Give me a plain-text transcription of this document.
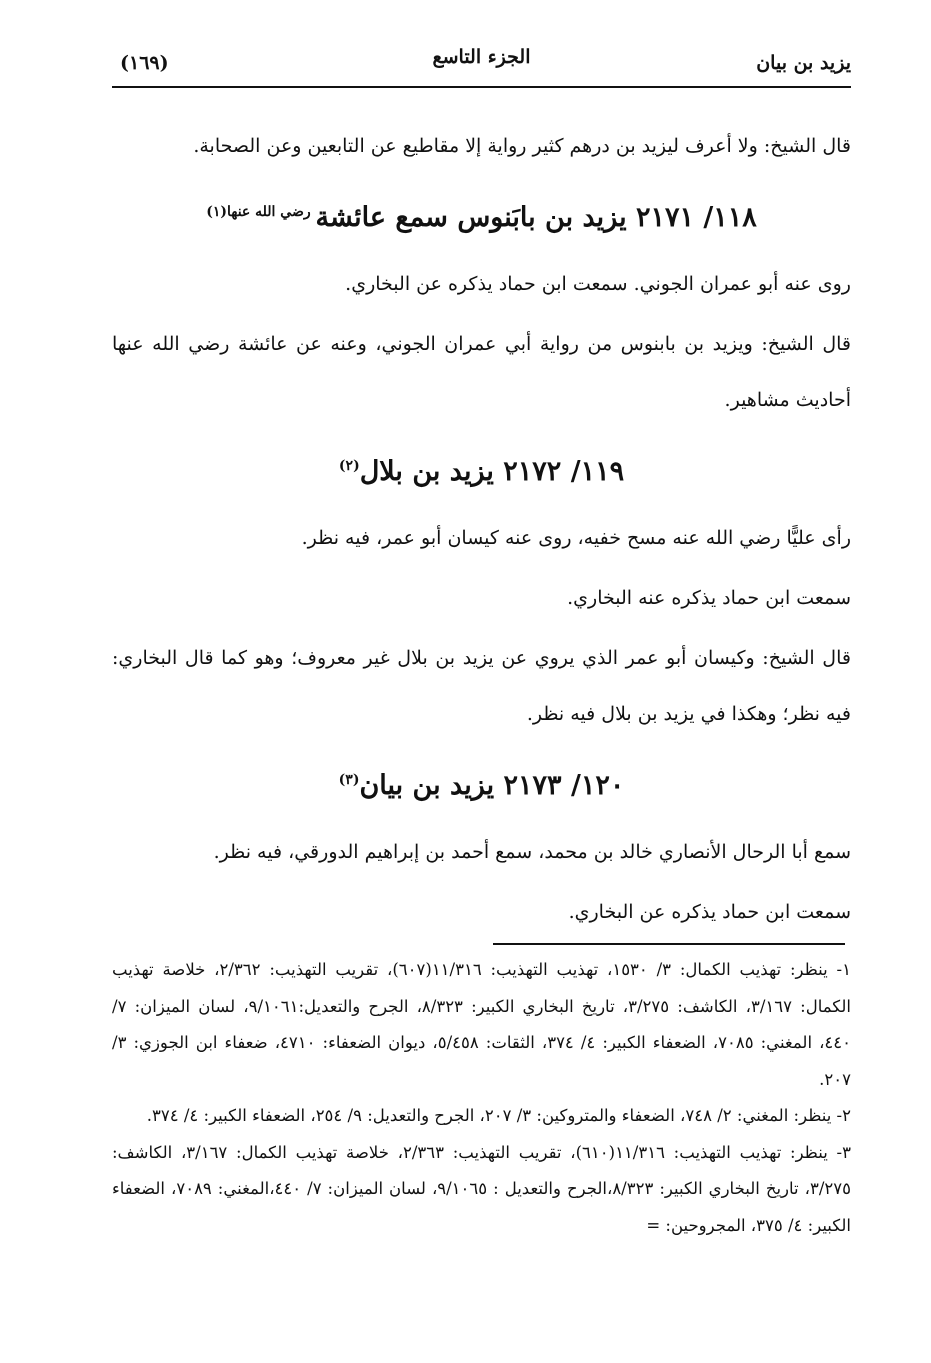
يزيد بن بيان
الجزء التاسع
(١٦٩)

قال الشيخ: ولا أعرف ليزيد بن درهم كثير رواية إلا مقاطيع عن التابعين وعن الصحابة.

١١٨/ ٢١٧١ يزيد بن بابَنوس سمع عائشة $^{رضي الله عنها(١)}$

روى عنه أبو عمران الجوني. سمعت ابن حماد يذكره عن البخاري.

قال الشيخ: ويزيد بن بابنوس من رواية أبي عمران الجوني، وعنه عن عائشة رضي الله عنها أحاديث مشاهير.

١١٩/ ٢١٧٢ يزيد بن بلال$^{(٢)}$

رأى عليًّا رضي الله عنه مسح خفيه، روى عنه كيسان أبو عمر، فيه نظر.

سمعت ابن حماد يذكره عنه البخاري.

قال الشيخ: وكيسان أبو عمر الذي يروي عن يزيد بن بلال غير معروف؛ وهو كما قال البخاري: فيه نظر؛ وهكذا في يزيد بن بلال فيه نظر.

١٢٠/ ٢١٧٣ يزيد بن بيان$^{(٣)}$

سمع أبا الرحال الأنصاري خالد بن محمد، سمع أحمد بن إبراهيم الدورقي، فيه نظر.

سمعت ابن حماد يذكره عن البخاري.

١- ينظر: تهذيب الكمال: ٣/ ١٥٣٠، تهذيب التهذيب: ١١/٣١٦(٦٠٧)، تقريب التهذيب: ٢/٣٦٢، خلاصة تهذيب الكمال: ٣/١٦٧، الكاشف: ٣/٢٧٥، تاريخ البخاري الكبير: ٨/٣٢٣، الجرح والتعديل:٩/١٠٦١، لسان الميزان: ٧/ ٤٤٠، المغني: ٧٠٨٥، الضعفاء الكبير: ٤/ ٣٧٤، الثقات: ٥/٤٥٨، ديوان الضعفاء: ٤٧١٠، ضعفاء ابن الجوزي: ٣/ ٢٠٧.

٢- ينظر: المغني: ٢/ ٧٤٨، الضعفاء والمتروكين: ٣/ ٢٠٧، الجرح والتعديل: ٩/ ٢٥٤، الضعفاء الكبير: ٤/ ٣٧٤.

٣- ينظر: تهذيب التهذيب: ١١/٣١٦(٦١٠)، تقريب التهذيب: ٢/٣٦٣، خلاصة تهذيب الكمال: ٣/١٦٧، الكاشف: ٣/٢٧٥، تاريخ البخاري الكبير: ٨/٣٢٣،الجرح والتعديل : ٩/١٠٦٥، لسان الميزان: ٧/ ٤٤٠،المغني: ٧٠٨٩، الضعفاء الكبير: ٤/ ٣٧٥، المجروحين: =
